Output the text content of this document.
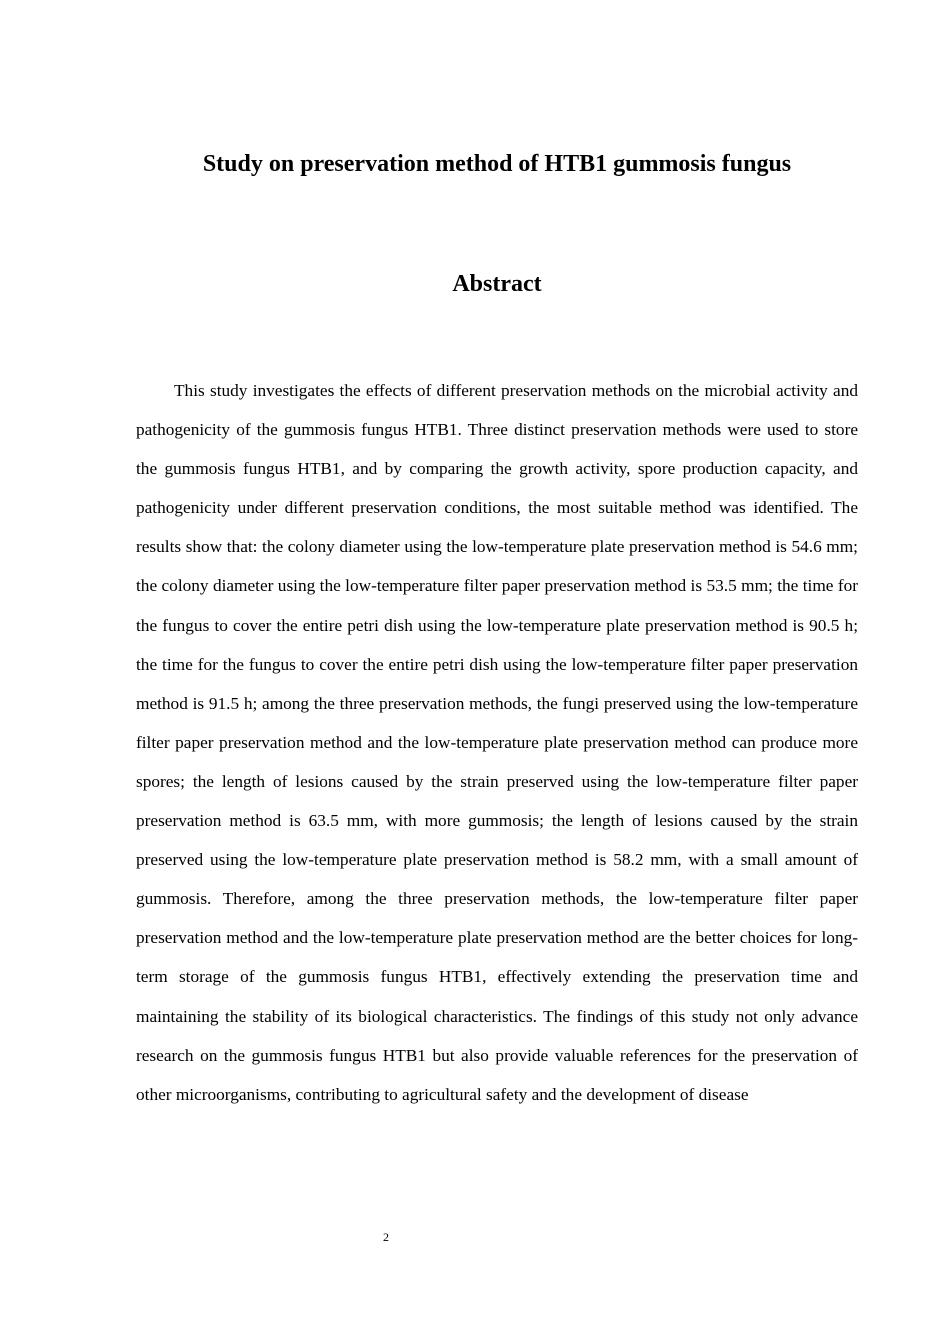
Study on preservation method of HTB1 gummosis fungus
Abstract

This study investigates the effects of different preservation methods on the microbial activity and pathogenicity of the gummosis fungus HTB1. Three distinct preservation methods were used to store the gummosis fungus HTB1, and by comparing the growth activity, spore production capacity, and pathogenicity under different preservation conditions, the most suitable method was identified. The results show that: the colony diameter using the low-temperature plate preservation method is 54.6 mm; the colony diameter using the low-temperature filter paper preservation method is 53.5 mm; the time for the fungus to cover the entire petri dish using the low-temperature plate preservation method is 90.5 h; the time for the fungus to cover the entire petri dish using the low-temperature filter paper preservation method is 91.5 h; among the three preservation methods, the fungi preserved using the low-temperature filter paper preservation method and the low-temperature plate preservation method can produce more spores; the length of lesions caused by the strain preserved using the low-temperature filter paper preservation method is 63.5 mm, with more gummosis; the length of lesions caused by the strain preserved using the low-temperature plate preservation method is 58.2 mm, with a small amount of gummosis. Therefore, among the three preservation methods, the low-temperature filter paper preservation method and the low-temperature plate preservation method are the better choices for long-term storage of the gummosis fungus HTB1, effectively extending the preservation time and maintaining the stability of its biological characteristics. The findings of this study not only advance research on the gummosis fungus HTB1 but also provide valuable references for the preservation of other microorganisms, contributing to agricultural safety and the development of disease

2
